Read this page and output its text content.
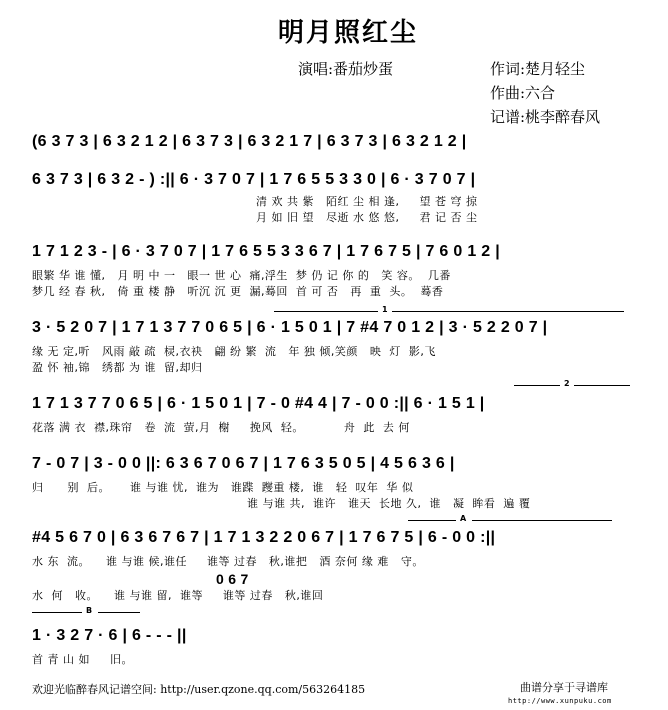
明月照红尘
演唱:番茄炒蛋	作词:楚月轻尘
作曲:六合
记谱:桃李醉春风
(6 3 7 3 | 6 3 2 1 2 | 6 3 7 3 | 6 3 2 1 7 | 6 3 7 3 | 6 3 2 1 2 |
6 3 7 3 | 6 3 2 - ) :|| 6 · 3 7 0 7 | 1 7 6 5 5 3 3 0 | 6 · 3 7 0 7 |
清 欢 共 紫   陌红 尘 相 逢,     望 苍 穹 掠
月 如 旧 望   尽逝 水 悠 悠,     君 记 否 尘
1 7 1 2 3 - | 6 · 3 7 0 7 | 1 7 6 5 5 3 3 6 7 | 1 7 6 7 5 | 7 6 0 1 2 |
眼繁 华 谁 懂,   月 明 中 一   眼一 世 心  痛,浮生  梦 仍 记 你 的   笑 容。  几番
梦几 经 春 秋,   倚 重 楼 静   听沉 沉 更  漏,蓦回  首 可 否   再  重  头。  蓦香
1
3 · 5 2 0 7 | 1 7 1 3 7 7 0 6 5 | 6 · 1 5 0 1 | 7 #4 7 0 1 2 | 3 · 5 2 2 0 7 |
缘 无 定,听   风雨 敲 疏  棂,衣袂   翩 纷 繁  流   年 独 倾,笑颜   映  灯  影,飞
盈 怀 袖,锦   绣都 为 谁  留,却归
2
1 7 1 3 7 7 0 6 5 | 6 · 1 5 0 1 | 7 - 0 #4 4 | 7 - 0 0 :|| 6 · 1 5 1 |
花落 满 衣  襟,珠帘   卷  流  萤,月  榭     挽风  轻。          舟  此  去 何
7 - 0 7 | 3 - 0 0 ||: 6 3 6 7 0 6 7 | 1 7 6 3 5 0 5 | 4 5 6 3 6 |
归      别  后。     谁 与谁 忧,  谁为   谁蹀  躞重 楼,  谁   轻  叹年  华 似
谁 与谁 共,  谁许   谁天  长地 久,  谁   凝  眸看  遍 覆
A
#4 5 6 7 0 | 6 3 6 7 6 7 | 1 7 1 3 2 2 0 6 7 | 1 7 6 7 5 | 6 - 0 0 :||
水 东  流。    谁 与谁 候,谁任     谁等 过春   秋,谁把   酒 奈何 缘 难   守。
0 6 7
水  何   收。    谁 与谁 留,  谁等     谁等 过春   秋,谁回
B
1 · 3 2 7 · 6 | 6 - - - ||
首 青 山 如     旧。
欢迎光临醉春风记谱空间: http://user.qzone.qq.com/563264185	曲谱分享于寻谱库
http://www.xunpuku.com
